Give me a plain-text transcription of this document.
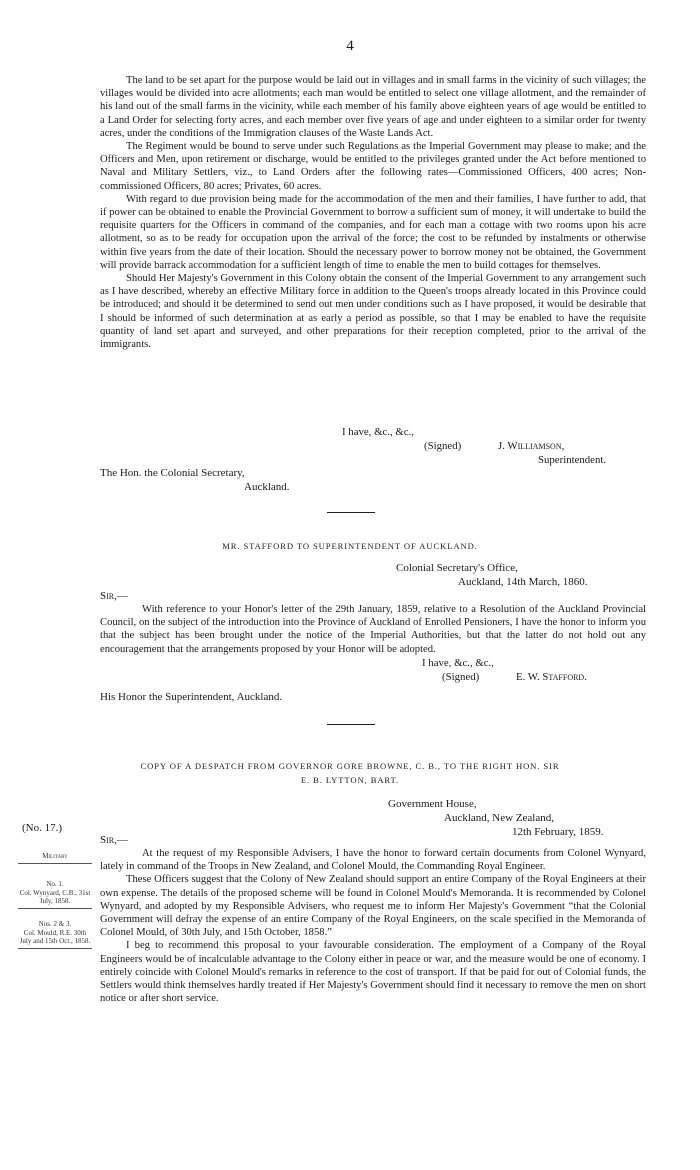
4

The land to be set apart for the purpose would be laid out in villages and in small farms in the vicinity of such villages; the villages would be divided into acre allotments; each man would be entitled to select one village allotment, and the remainder of his land out of the small farms in the vicinity, while each member of his family above eighteen years of age would be entitled to a Land Order for selecting forty acres, and each member over five years of age and under eighteen to a similar order for twenty acres, under the conditions of the Immigration clauses of the Waste Lands Act.

The Regiment would be bound to serve under such Regulations as the Imperial Government may please to make; and the Officers and Men, upon retirement or discharge, would be entitled to the privileges granted under the Act before mentioned to Naval and Military Settlers, viz., to Land Orders after the following rates—Commissioned Officers, 400 acres; Non-commissioned Officers, 80 acres; Privates, 60 acres.

With regard to due provision being made for the accommodation of the men and their families, I have further to add, that if power can be obtained to enable the Provincial Government to borrow a sufficient sum of money, it will undertake to build the requisite quarters for the Officers in command of the companies, and for each man a cottage with two rooms upon his acre allotment, so as to be ready for occupation upon the arrival of the force; the cost to be refunded by instalments or otherwise within five years from the date of their location. Should the necessary power to borrow money not be obtained, the Government will provide barrack accommodation for a sufficient length of time to enable the men to build cottages for themselves.

Should Her Majesty's Government in this Colony obtain the consent of the Imperial Government to any arrangement such as I have described, whereby an effective Military force in addition to the Queen's troops already located in this Province could be introduced; and should it be determined to send out men under conditions such as I have proposed, it would be desirable that I should be informed of such determination at as early a period as possible, so that I may be enabled to have the requisite quantity of land set apart and surveyed, and other preparations for their reception completed, prior to the arrival of the immigrants.

I have, &c., &c.,
(Signed)	J. Williamson,
Superintendent.
The Hon. the Colonial Secretary,
Auckland.
MR. STAFFORD TO SUPERINTENDENT OF AUCKLAND.
Colonial Secretary's Office,
Auckland, 14th March, 1860.
Sir,—

With reference to your Honor's letter of the 29th January, 1859, relative to a Resolution of the Auckland Provincial Council, on the subject of the introduction into the Province of Auckland of Enrolled Pensioners, I have the honor to inform you that the subject has been brought under the notice of the Imperial Authorities, but that the latter do not hold out any encouragement that the arrangements proposed by your Honor will be adopted.

I have, &c., &c.,
(Signed)	E. W. Stafford.
His Honor the Superintendent, Auckland.
COPY OF A DESPATCH FROM GOVERNOR GORE BROWNE, C. B., TO THE RIGHT HON. SIR
E. B. LYTTON, BART.
Government House,
Auckland, New Zealand,
12th February, 1859.
(No. 17.)
Sir,—
Military
No. 1.
Col. Wynyard, C.B., 31st July, 1858.
Nos. 2 & 3.
Col. Mould, R.E. 30th July and 15th Oct., 1858.

At the request of my Responsible Advisers, I have the honor to forward certain documents from Colonel Wynyard, lately in command of the Troops in New Zealand, and Colonel Mould, the Commanding Royal Engineer.

These Officers suggest that the Colony of New Zealand should support an entire Company of the Royal Engineers at their own expense. The details of the proposed scheme will be found in Colonel Mould's Memoranda. It is recommended by Colonel Wynyard, and adopted by my Responsible Advisers, who request me to inform Her Majesty's Government “that the Colonial Government will defray the expense of an entire Company of the Royal Engineers, on the scale specified in the Memoranda of Colonel Mould, of 30th July, and 15th October, 1858.”

I beg to recommend this proposal to your favourable consideration. The employment of a Company of the Royal Engineers would be of incalculable advantage to the Colony either in peace or war, and the measure would be one of economy. I entirely coincide with Colonel Mould's remarks in reference to the cost of transport. If that be paid for out of Colonial funds, the Settlers would think themselves hardly treated if Her Majesty's Government should find it necessary to remove the men on short notice or after short service.
